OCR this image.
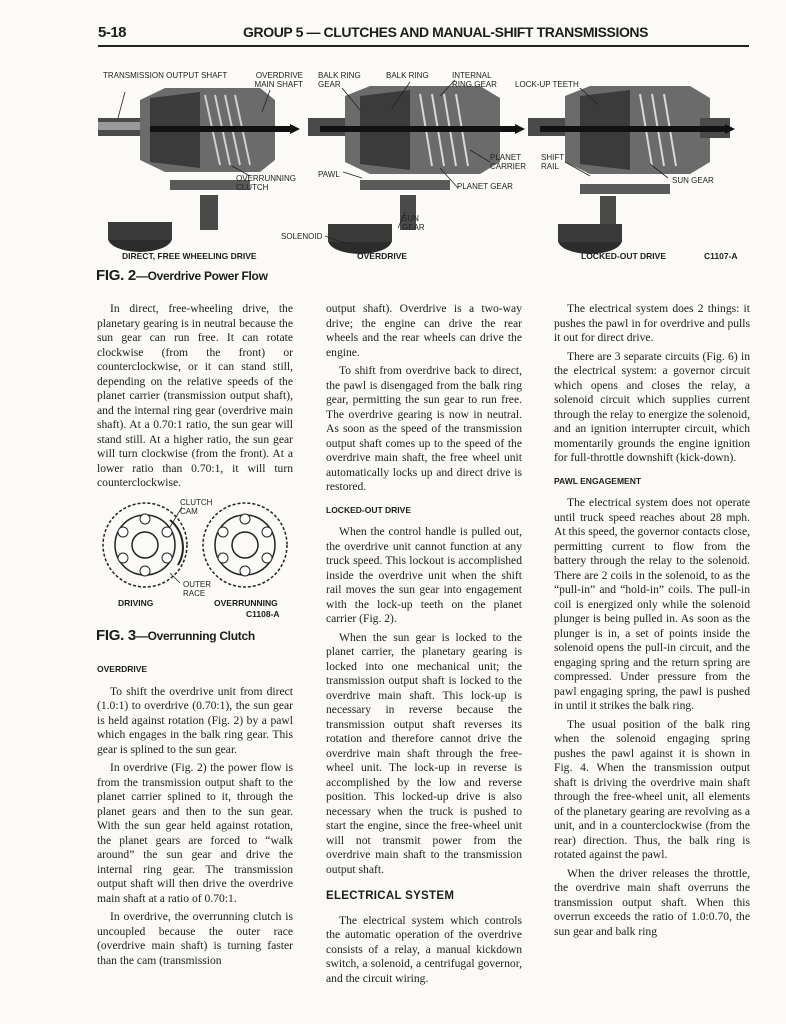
5-18	GROUP 5 — CLUTCHES AND MANUAL-SHIFT TRANSMISSIONS
TRANSMISSION OUTPUT SHAFT	OVERDRIVE MAIN SHAFT
BALK RING GEAR
BALK RING	INTERNAL RING GEAR	LOCK-UP TEETH
OVERRUNNING CLUTCH
PAWL
PLANET CARRIER
PLANET GEAR
SHIFT RAIL
SUN GEAR
SUN GEAR
SOLENOID
DIRECT, FREE WHEELING DRIVE	OVERDRIVE	LOCKED-OUT DRIVE	C1107-A
FIG. 2—Overdrive Power Flow

In direct, free-wheeling drive, the planetary gearing is in neutral because the sun gear can run free. It can rotate clockwise (from the front) or counterclockwise, or it can stand still, depending on the relative speeds of the planet carrier (transmission output shaft), and the internal ring gear (overdrive main shaft). At a 0.70:1 ratio, the sun gear will stand still. At a higher ratio, the sun gear will turn clockwise (from the front). At a lower ratio than 0.70:1, it will turn counterclockwise.

CLUTCH CAM
OUTER RACE
DRIVING	OVERRUNNING
C1108-A
FIG. 3—Overrunning Clutch
OVERDRIVE

To shift the overdrive unit from direct (1.0:1) to overdrive (0.70:1), the sun gear is held against rotation (Fig. 2) by a pawl which engages in the balk ring gear. This gear is splined to the sun gear.

In overdrive (Fig. 2) the power flow is from the transmission output shaft to the planet carrier splined to it, through the planet gears and then to the sun gear. With the sun gear held against rotation, the planet gears are forced to “walk around” the sun gear and drive the internal ring gear. The transmission output shaft will then drive the overdrive main shaft at a ratio of 0.70:1.

In overdrive, the overrunning clutch is uncoupled because the outer race (overdrive main shaft) is turning faster than the cam (transmission

output shaft). Overdrive is a two-way drive; the engine can drive the rear wheels and the rear wheels can drive the engine.

To shift from overdrive back to direct, the pawl is disengaged from the balk ring gear, permitting the sun gear to run free. The overdrive gearing is now in neutral. As soon as the speed of the transmission output shaft comes up to the speed of the overdrive main shaft, the free wheel unit automatically locks up and direct drive is restored.

LOCKED-OUT DRIVE

When the control handle is pulled out, the overdrive unit cannot function at any truck speed. This lockout is accomplished inside the overdrive unit when the shift rail moves the sun gear into engagement with the lock-up teeth on the planet carrier (Fig. 2).

When the sun gear is locked to the planet carrier, the planetary gearing is locked into one mechanical unit; the transmission output shaft is locked to the overdrive main shaft. This lock-up is necessary in reverse because the transmission output shaft reverses its rotation and therefore cannot drive the overdrive main shaft through the free-wheel unit. The lock-up in reverse is accomplished by the low and reverse position. This locked-up drive is also necessary when the truck is pushed to start the engine, since the free-wheel unit will not transmit power from the overdrive main shaft to the transmission output shaft.

ELECTRICAL SYSTEM

The electrical system which controls the automatic operation of the overdrive consists of a relay, a manual kickdown switch, a solenoid, a centrifugal governor, and the circuit wiring.

The electrical system does 2 things: it pushes the pawl in for overdrive and pulls it out for direct drive.

There are 3 separate circuits (Fig. 6) in the electrical system: a governor circuit which opens and closes the relay, a solenoid circuit which supplies current through the relay to energize the solenoid, and an ignition interrupter circuit, which momentarily grounds the engine ignition for full-throttle downshift (kick-down).

PAWL ENGAGEMENT

The electrical system does not operate until truck speed reaches about 28 mph. At this speed, the governor contacts close, permitting current to flow from the battery through the relay to the solenoid. There are 2 coils in the solenoid, to as the “pull-in” and “hold-in” coils. The pull-in coil is energized only while the solenoid plunger is being pulled in. As soon as the plunger is in, a set of points inside the solenoid opens the pull-in circuit, and the engaging spring and the return spring are compressed. Under pressure from the pawl engaging spring, the pawl is pushed in until it strikes the balk ring.

The usual position of the balk ring when the solenoid engaging spring pushes the pawl against it is shown in Fig. 4. When the transmission output shaft is driving the overdrive main shaft through the free-wheel unit, all elements of the planetary gearing are revolving as a unit, and in a counterclockwise (from the rear) direction. Thus, the balk ring is rotated against the pawl.

When the driver releases the throttle, the overdrive main shaft overruns the transmission output shaft. When this overrun exceeds the ratio of 1.0:0.70, the sun gear and balk ring
